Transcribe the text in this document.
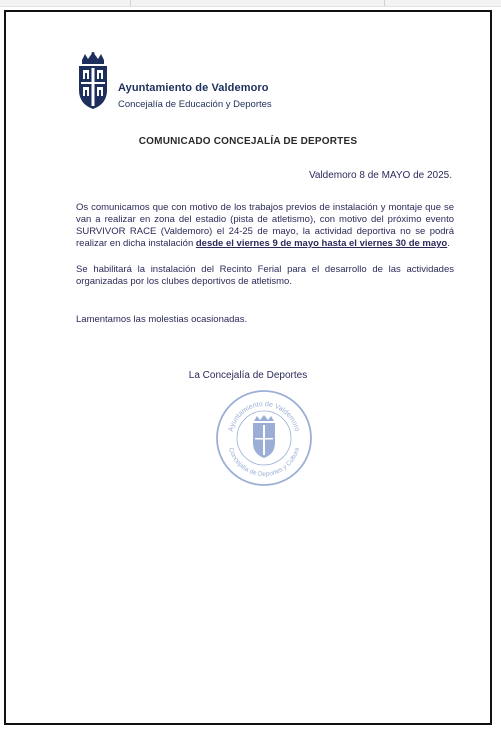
Ayuntamiento de Valdemoro
Concejalía de Educación y Deportes
COMUNICADO CONCEJALÍA DE DEPORTES
Valdemoro 8 de MAYO de 2025.
Os comunicamos que con motivo de los trabajos previos de instalación y montaje que se van a realizar en zona del estadio (pista de atletismo), con motivo del próximo evento SURVIVOR RACE (Valdemoro) el 24-25 de mayo, la actividad deportiva no se podrá realizar en dicha instalación desde el viernes 9 de mayo hasta el viernes 30 de mayo.
Se habilitará la instalación del Recinto Ferial para el desarrollo de las actividades organizadas por los clubes deportivos de atletismo.
Lamentamos las molestias ocasionadas.
La Concejalía de Deportes
Ayuntamiento de Valdemoro
Concejalía de Deportes y Cultura
